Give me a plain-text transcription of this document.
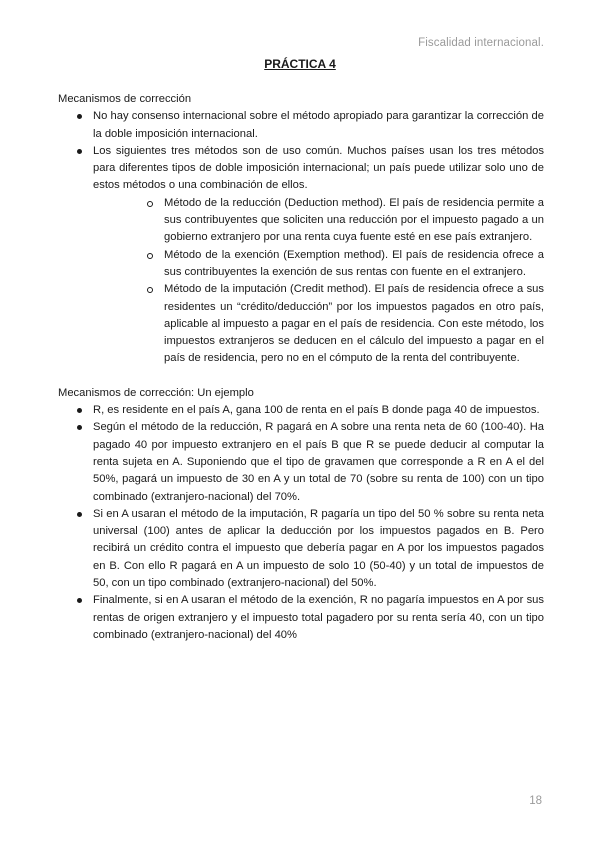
Fiscalidad internacional.
PRÁCTICA 4

Mecanismos de corrección

No hay consenso internacional sobre el método apropiado para garantizar la corrección de la doble imposición internacional.
Los siguientes tres métodos son de uso común. Muchos países usan los tres métodos para diferentes tipos de doble imposición internacional; un país puede utilizar solo uno de estos métodos o una combinación de ellos.
Método de la reducción (Deduction method). El país de residencia permite a sus contribuyentes que soliciten una reducción por el impuesto pagado a un gobierno extranjero por una renta cuya fuente esté en ese país extranjero.
Método de la exención (Exemption method). El país de residencia ofrece a sus contribuyentes la exención de sus rentas con fuente en el extranjero.
Método de la imputación (Credit method). El país de residencia ofrece a sus residentes un “crédito/deducción” por los impuestos pagados en otro país, aplicable al impuesto a pagar en el país de residencia. Con este método, los impuestos extranjeros se deducen en el cálculo del impuesto a pagar en el país de residencia, pero no en el cómputo de la renta del contribuyente.

Mecanismos de corrección: Un ejemplo

R, es residente en el país A, gana 100 de renta en el país B donde paga 40 de impuestos.
Según el método de la reducción, R pagará en A sobre una renta neta de 60 (100-40). Ha pagado 40 por impuesto extranjero en el país B que R se puede deducir al computar la renta sujeta en A. Suponiendo que el tipo de gravamen que corresponde a R en A el del 50%, pagará un impuesto de 30 en A y un total de 70 (sobre su renta de 100) con un tipo combinado (extranjero-nacional) del 70%.
Si en A usaran el método de la imputación, R pagaría un tipo del 50 % sobre su renta neta universal (100) antes de aplicar la deducción por los impuestos pagados en B. Pero recibirá un crédito contra el impuesto que debería pagar en A por los impuestos pagados en B. Con ello R pagará en A un impuesto de solo 10 (50-40) y un total de impuestos de 50, con un tipo combinado (extranjero-nacional) del 50%.
Finalmente, si en A usaran el método de la exención, R no pagaría impuestos en A por sus rentas de origen extranjero y el impuesto total pagadero por su renta sería 40, con un tipo combinado (extranjero-nacional) del 40%
18
